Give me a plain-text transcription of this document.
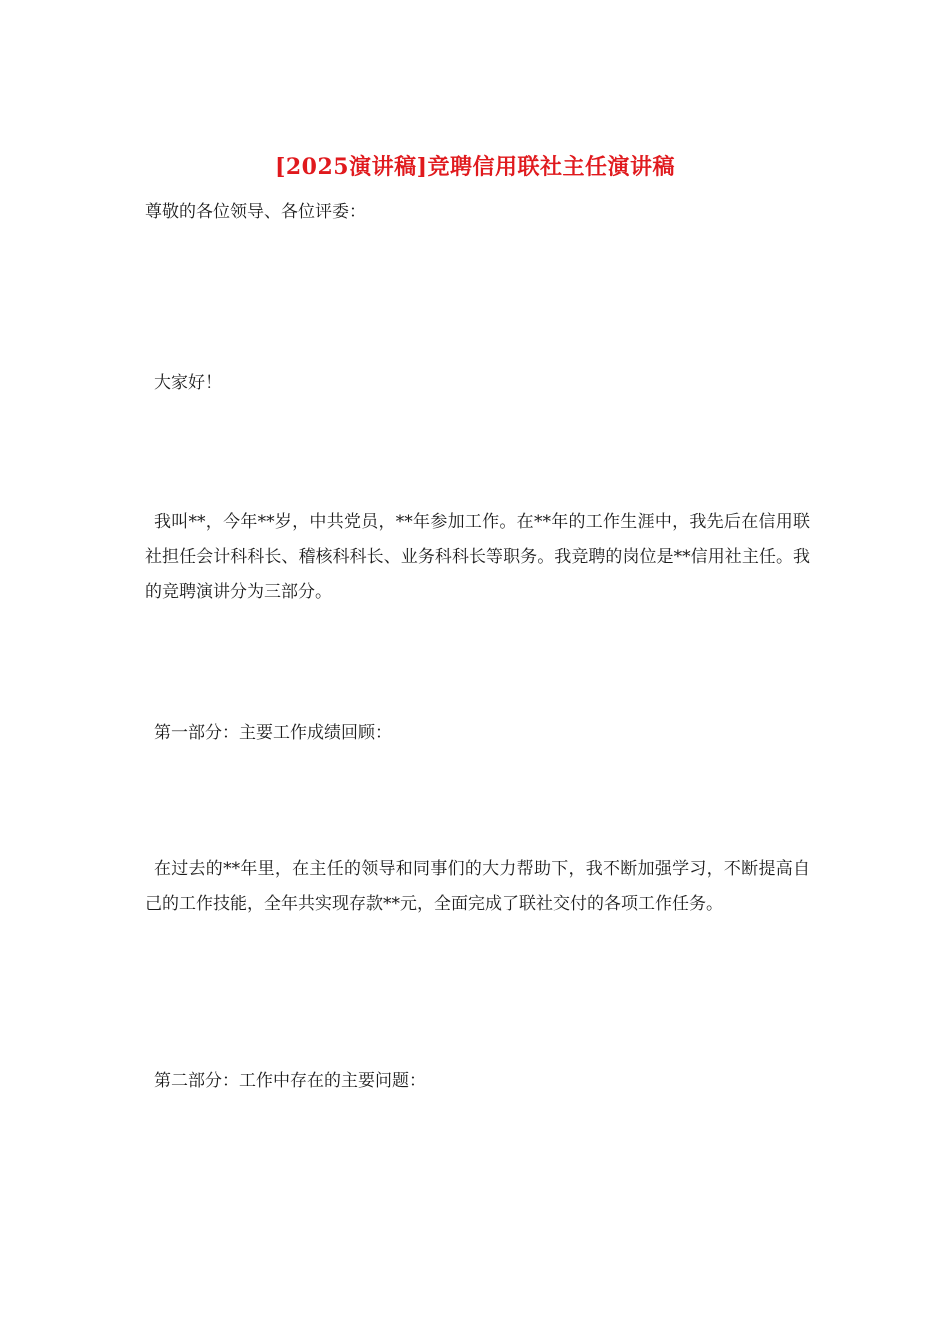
[2025演讲稿]竞聘信用联社主任演讲稿

尊敬的各位领导、各位评委：

大家好！

我叫**，今年**岁，中共党员，**年参加工作。在**年的工作生涯中，我先后在信用联社担任会计科科长、稽核科科长、业务科科长等职务。我竞聘的岗位是**信用社主任。我的竞聘演讲分为三部分。

第一部分：主要工作成绩回顾：

在过去的**年里，在主任的领导和同事们的大力帮助下，我不断加强学习，不断提高自己的工作技能，全年共实现存款**元，全面完成了联社交付的各项工作任务。

第二部分：工作中存在的主要问题：
